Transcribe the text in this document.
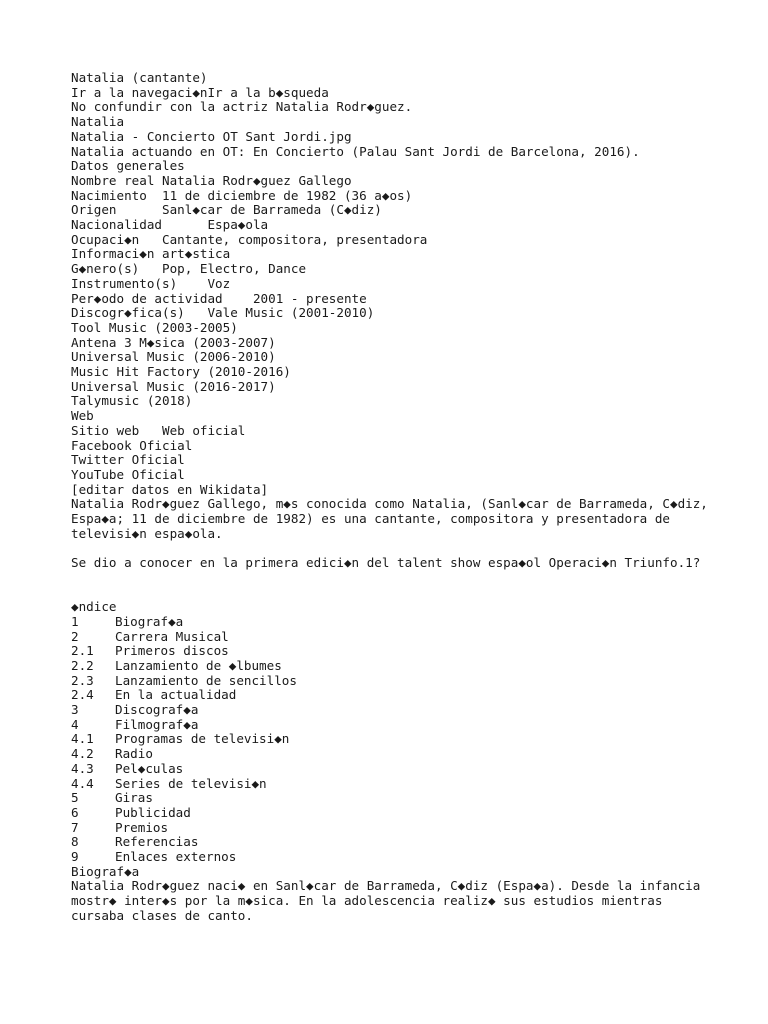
Natalia (cantante)
Ir a la navegaci◆nIr a la b◆squeda
No confundir con la actriz Natalia Rodr◆guez.
Natalia
Natalia - Concierto OT Sant Jordi.jpg
Natalia actuando en OT: En Concierto (Palau Sant Jordi de Barcelona, 2016).
Datos generales
Nombre real Natalia Rodr◆guez Gallego
Nacimiento  11 de diciembre de 1982 (36 a◆os)
Origen      Sanl◆car de Barrameda (C◆diz)
Nacionalidad      Espa◆ola
Ocupaci◆n   Cantante, compositora, presentadora
Informaci◆n art◆stica
G◆nero(s)   Pop, Electro, Dance
Instrumento(s)    Voz
Per◆odo de actividad    2001 - presente
Discogr◆fica(s)   Vale Music (2001-2010)
Tool Music (2003-2005)
Antena 3 M◆sica (2003-2007)
Universal Music (2006-2010)
Music Hit Factory (2010-2016)
Universal Music (2016-2017)
Talymusic (2018)
Web
Sitio web   Web oficial
Facebook Oficial
Twitter Oficial
YouTube Oficial
[editar datos en Wikidata]
Natalia Rodr◆guez Gallego, m◆s conocida como Natalia, (Sanl◆car de Barrameda, C◆diz, Espa◆a; 11 de diciembre de 1982) es una cantante, compositora y presentadora de televisi◆n espa◆ola.
Se dio a conocer en la primera edici◆n del talent show espa◆ol Operaci◆n Triunfo.1?
◆ndice
1	Biograf◆a
2	Carrera Musical
2.1	Primeros discos
2.2	Lanzamiento de ◆lbumes
2.3	Lanzamiento de sencillos
2.4	En la actualidad
3	Discograf◆a
4	Filmograf◆a
4.1	Programas de televisi◆n
4.2	Radio
4.3	Pel◆culas
4.4	Series de televisi◆n
5	Giras
6	Publicidad
7	Premios
8	Referencias
9	Enlaces externos
Biograf◆a
Natalia Rodr◆guez naci◆ en Sanl◆car de Barrameda, C◆diz (Espa◆a). Desde la infancia mostr◆ inter◆s por la m◆sica. En la adolescencia realiz◆ sus estudios mientras cursaba clases de canto.
